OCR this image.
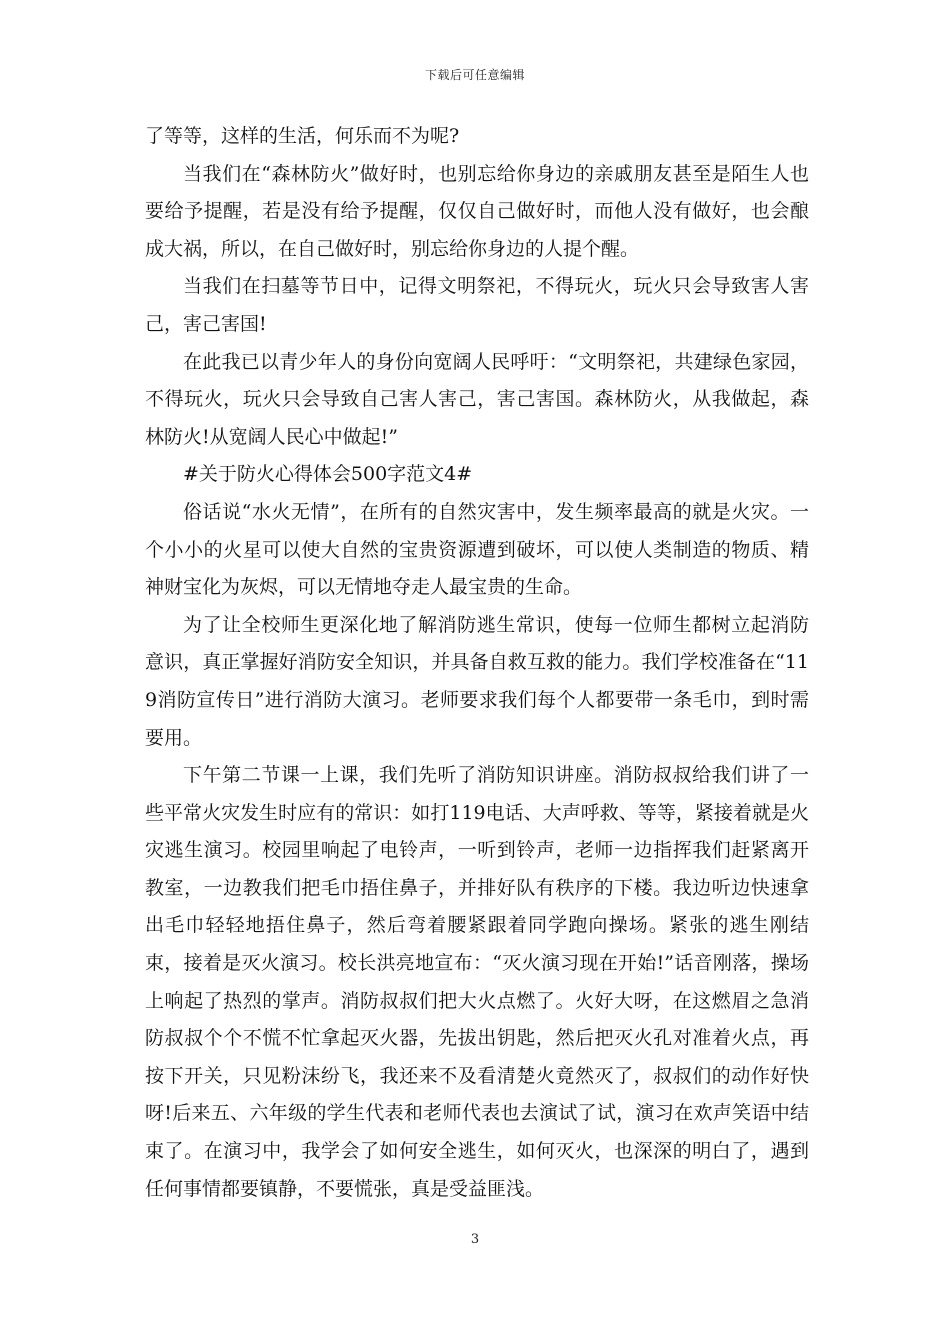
下载后可任意编辑

了等等，这样的生活，何乐而不为呢?

当我们在“森林防火”做好时，也别忘给你身边的亲戚朋友甚至是陌生人也要给予提醒，若是没有给予提醒，仅仅自己做好时，而他人没有做好，也会酿成大祸，所以，在自己做好时，别忘给你身边的人提个醒。

当我们在扫墓等节日中，记得文明祭祀，不得玩火，玩火只会导致害人害己，害己害国!

在此我已以青少年人的身份向宽阔人民呼吁：“文明祭祀，共建绿色家园，不得玩火，玩火只会导致自己害人害己，害己害国。森林防火，从我做起，森林防火!从宽阔人民心中做起!”

#关于防火心得体会500字范文4#

俗话说“水火无情”，在所有的自然灾害中，发生频率最高的就是火灾。一个小小的火星可以使大自然的宝贵资源遭到破坏，可以使人类制造的物质、精神财宝化为灰烬，可以无情地夺走人最宝贵的生命。

为了让全校师生更深化地了解消防逃生常识，使每一位师生都树立起消防意识，真正掌握好消防安全知识，并具备自救互救的能力。我们学校准备在“119消防宣传日”进行消防大演习。老师要求我们每个人都要带一条毛巾，到时需要用。

下午第二节课一上课，我们先听了消防知识讲座。消防叔叔给我们讲了一些平常火灾发生时应有的常识：如打119电话、大声呼救、等等，紧接着就是火灾逃生演习。校园里响起了电铃声，一听到铃声，老师一边指挥我们赶紧离开教室，一边教我们把毛巾捂住鼻子，并排好队有秩序的下楼。我边听边快速拿出毛巾轻轻地捂住鼻子，然后弯着腰紧跟着同学跑向操场。紧张的逃生刚结束，接着是灭火演习。校长洪亮地宣布：“灭火演习现在开始!”话音刚落，操场上响起了热烈的掌声。消防叔叔们把大火点燃了。火好大呀，在这燃眉之急消防叔叔个个不慌不忙拿起灭火器，先拔出钥匙，然后把灭火孔对准着火点，再按下开关，只见粉沫纷飞，我还来不及看清楚火竟然灭了，叔叔们的动作好快呀!后来五、六年级的学生代表和老师代表也去演试了试，演习在欢声笑语中结束了。在演习中，我学会了如何安全逃生，如何灭火，也深深的明白了，遇到任何事情都要镇静，不要慌张，真是受益匪浅。

3
